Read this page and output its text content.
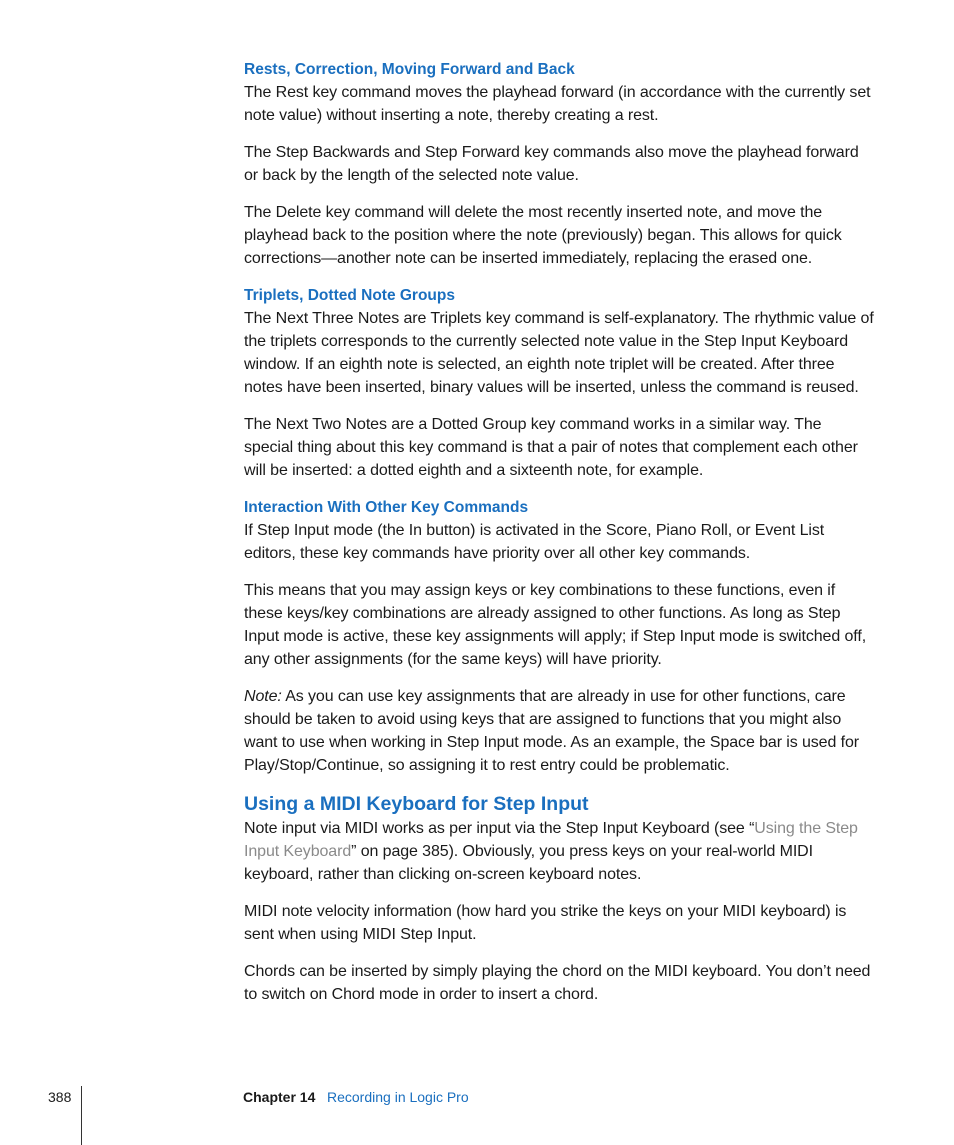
Rests, Correction, Moving Forward and Back

The Rest key command moves the playhead forward (in accordance with the currently set note value) without inserting a note, thereby creating a rest.

The Step Backwards and Step Forward key commands also move the playhead forward or back by the length of the selected note value.

The Delete key command will delete the most recently inserted note, and move the playhead back to the position where the note (previously) began. This allows for quick corrections—another note can be inserted immediately, replacing the erased one.

Triplets, Dotted Note Groups

The Next Three Notes are Triplets key command is self-explanatory. The rhythmic value of the triplets corresponds to the currently selected note value in the Step Input Keyboard window. If an eighth note is selected, an eighth note triplet will be created. After three notes have been inserted, binary values will be inserted, unless the command is reused.

The Next Two Notes are a Dotted Group key command works in a similar way. The special thing about this key command is that a pair of notes that complement each other will be inserted: a dotted eighth and a sixteenth note, for example.

Interaction With Other Key Commands

If Step Input mode (the In button) is activated in the Score, Piano Roll, or Event List editors, these key commands have priority over all other key commands.

This means that you may assign keys or key combinations to these functions, even if these keys/key combinations are already assigned to other functions. As long as Step Input mode is active, these key assignments will apply; if Step Input mode is switched off, any other assignments (for the same keys) will have priority.

Note: As you can use key assignments that are already in use for other functions, care should be taken to avoid using keys that are assigned to functions that you might also want to use when working in Step Input mode. As an example, the Space bar is used for Play/Stop/Continue, so assigning it to rest entry could be problematic.

Using a MIDI Keyboard for Step Input

Note input via MIDI works as per input via the Step Input Keyboard (see “Using the Step Input Keyboard” on page 385). Obviously, you press keys on your real-world MIDI keyboard, rather than clicking on-screen keyboard notes.

MIDI note velocity information (how hard you strike the keys on your MIDI keyboard) is sent when using MIDI Step Input.

Chords can be inserted by simply playing the chord on the MIDI keyboard. You don’t need to switch on Chord mode in order to insert a chord.

388	Chapter 14 Recording in Logic Pro
